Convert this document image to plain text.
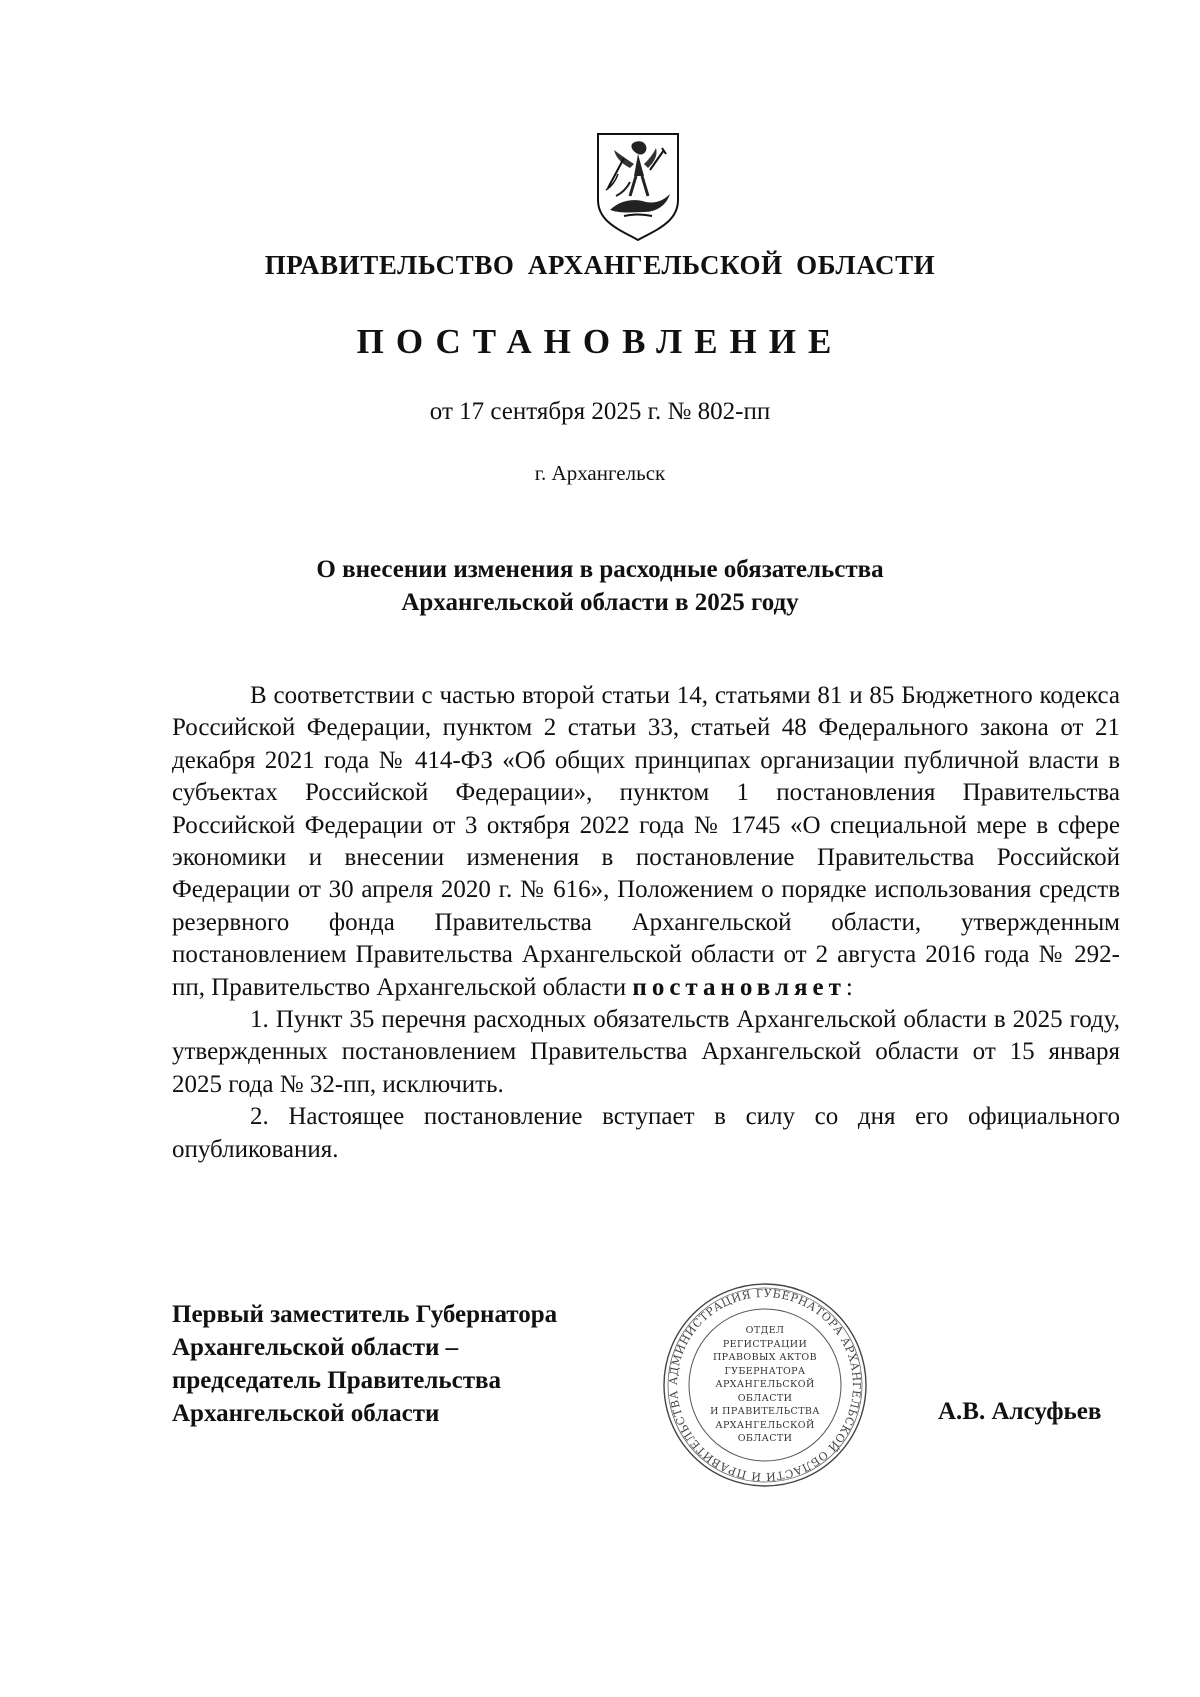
ПРАВИТЕЛЬСТВО АРХАНГЕЛЬСКОЙ ОБЛАСТИ
ПОСТАНОВЛЕНИЕ
от 17 сентября 2025 г. № 802-пп
г. Архангельск
О внесении изменения в расходные обязательства
Архангельской области в 2025 году

В соответствии с частью второй статьи 14, статьями 81 и 85 Бюджетного кодекса Российской Федерации, пунктом 2 статьи 33, статьей 48 Федерального закона от 21 декабря 2021 года № 414-ФЗ «Об общих принципах организации публичной власти в субъектах Российской Федерации», пунктом 1 постановления Правительства Российской Федерации от 3 октября 2022 года № 1745 «О специальной мере в сфере экономики и внесении изменения в постановление Правительства Российской Федерации от 30 апреля 2020 г. № 616», Положением о порядке использования средств резервного фонда Правительства Архангельской области, утвержденным постановлением Правительства Архангельской области от 2 августа 2016 года № 292-пп, Правительство Архангельской области постановляет:

1. Пункт 35 перечня расходных обязательств Архангельской области в 2025 году, утвержденных постановлением Правительства Архангельской области от 15 января 2025 года № 32-пп, исключить.

2. Настоящее постановление вступает в силу со дня его официального опубликования.

Первый заместитель Губернатора
Архангельской области –
председатель Правительства
Архангельской области
АДМИНИСТРАЦИЯ ГУБЕРНАТОРА АРХАНГЕЛЬСКОЙ ОБЛАСТИ И ПРАВИТЕЛЬСТВА
ОТДЕЛ
РЕГИСТРАЦИИ
ПРАВОВЫХ АКТОВ
ГУБЕРНАТОРА
АРХАНГЕЛЬСКОЙ
ОБЛАСТИ
И ПРАВИТЕЛЬСТВА
АРХАНГЕЛЬСКОЙ
ОБЛАСТИ
А.В. Алсуфьев
